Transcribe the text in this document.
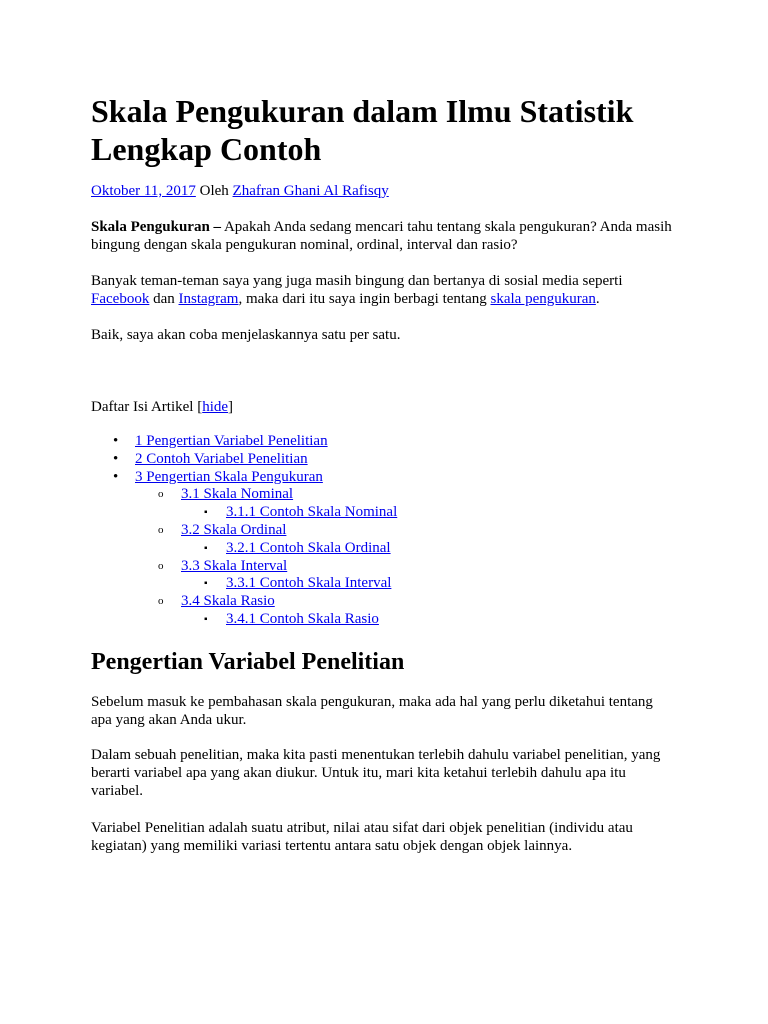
Skala Pengukuran dalam Ilmu Statistik
Lengkap Contoh
Oktober 11, 2017 Oleh Zhafran Ghani Al Rafisqy

Skala Pengukuran – Apakah Anda sedang mencari tahu tentang skala pengukuran? Anda masih
bingung dengan skala pengukuran nominal, ordinal, interval dan rasio?

Banyak teman-teman saya yang juga masih bingung dan bertanya di sosial media seperti
Facebook dan Instagram, maka dari itu saya ingin berbagi tentang skala pengukuran.

Baik, saya akan coba menjelaskannya satu per satu.

Daftar Isi Artikel [hide]
• 1 Pengertian Variabel Penelitian
• 2 Contoh Variabel Penelitian
• 3 Pengertian Skala Pengukuran
o 3.1 Skala Nominal
▪ 3.1.1 Contoh Skala Nominal
o 3.2 Skala Ordinal
▪ 3.2.1 Contoh Skala Ordinal
o 3.3 Skala Interval
▪ 3.3.1 Contoh Skala Interval
o 3.4 Skala Rasio
▪ 3.4.1 Contoh Skala Rasio
Pengertian Variabel Penelitian

Sebelum masuk ke pembahasan skala pengukuran, maka ada hal yang perlu diketahui tentang
apa yang akan Anda ukur.

Dalam sebuah penelitian, maka kita pasti menentukan terlebih dahulu variabel penelitian, yang
berarti variabel apa yang akan diukur. Untuk itu, mari kita ketahui terlebih dahulu apa itu
variabel.

Variabel Penelitian adalah suatu atribut, nilai atau sifat dari objek penelitian (individu atau
kegiatan) yang memiliki variasi tertentu antara satu objek dengan objek lainnya.
